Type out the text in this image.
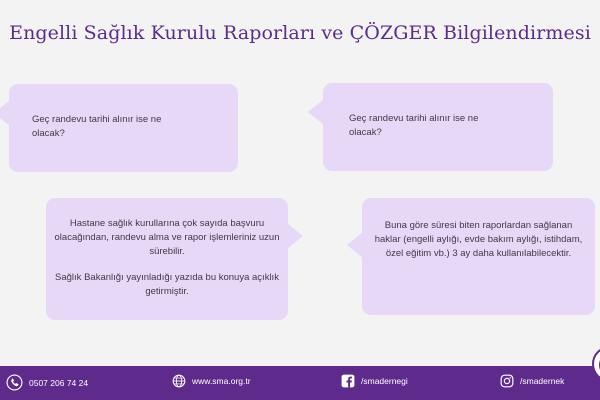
Engelli Sağlık Kurulu Raporları ve ÇÖZGER Bilgilendirmesi

Geç randevu tarihi alınır ise ne olacak?

Geç randevu tarihi alınır ise ne olacak?

Hastane sağlık kurullarına çok sayıda başvuru olacağından, randevu alma ve rapor işlemleriniz uzun sürebilir.

Sağlık Bakanlığı yayınladığı yazıda bu konuya açıklık getirmiştir.

Buna göre süresi biten raporlardan sağlanan haklar (engelli aylığı, evde bakım aylığı, istihdam, özel eğitim vb.) 3 ay daha kullanılabilecektir.

0507 206 74 24	www.sma.org.tr	/smadernegi	/smadernek
